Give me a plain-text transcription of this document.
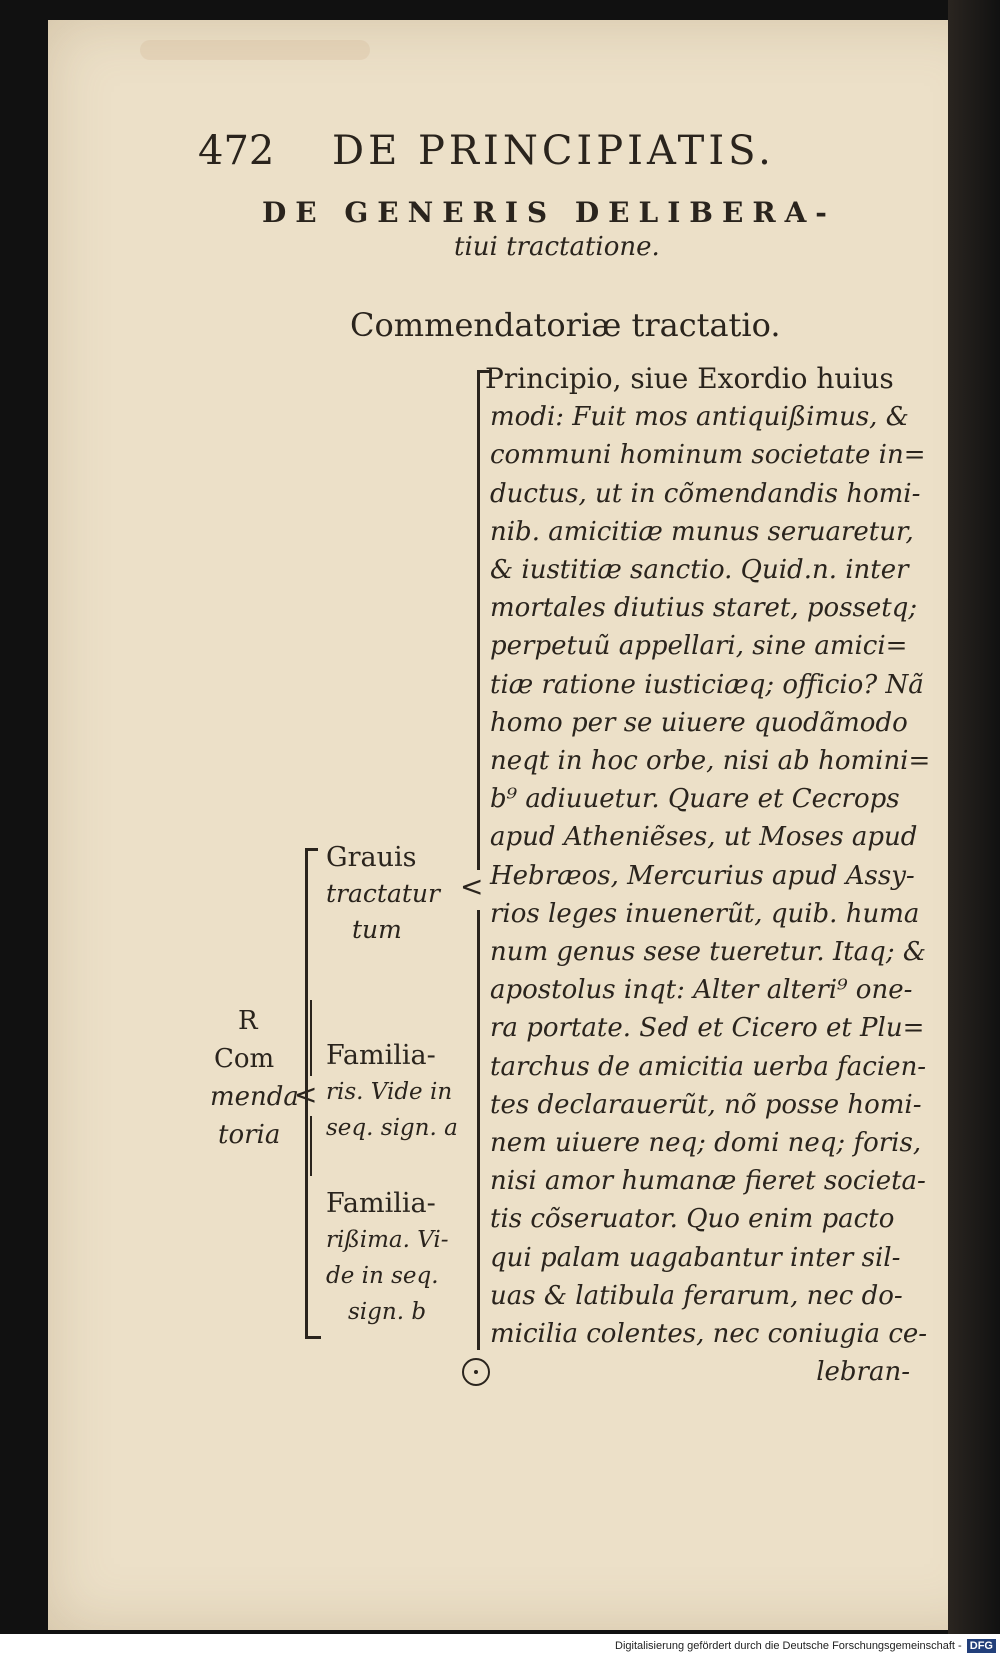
472 DE PRINCIPIATIS.
DE GENERIS DELIBERA-
tiui tractatione.
Commendatoriæ tractatio.
<
Principio, siue Exordio huius
modi: Fuit mos antiquißimus, &
communi hominum societate in=
ductus, ut in cõmendandis homi-
nib. amicitiæ munus seruaretur,
& iustitiæ sanctio. Quid.n. inter
mortales diutius staret, possetq;
perpetuũ appellari, sine amici=
tiæ ratione iusticiæq; officio? Nã
homo per se uiuere quodãmodo
neqt in hoc orbe, nisi ab homini=
b⁹ adiuuetur. Quare et Cecrops
apud Atheniẽses, ut Moses apud
Hebræos, Mercurius apud Assy-
rios leges inuenerũt, quib. huma
num genus sese tueretur. Itaq; &
apostolus inqt: Alter alteri⁹ one-
ra portate. Sed et Cicero et Plu=
tarchus de amicitia uerba facien-
tes declarauerũt, nõ posse homi-
nem uiuere neq; domi neq; foris,
nisi amor humanæ fieret societa-
tis cõseruator. Quo enim pacto
qui palam uagabantur inter sil-
uas & latibula ferarum, nec do-
micilia colentes, nec coniugia ce-
lebran-
Grauis
tractatur
tum
Familia-
ris. Vide in
seq. sign. a
Familia-
rißima. Vi-
de in seq.
sign. b
R
Com
menda
toria
<
Digitalisierung gefördert durch die Deutsche Forschungsgemeinschaft - DFG
